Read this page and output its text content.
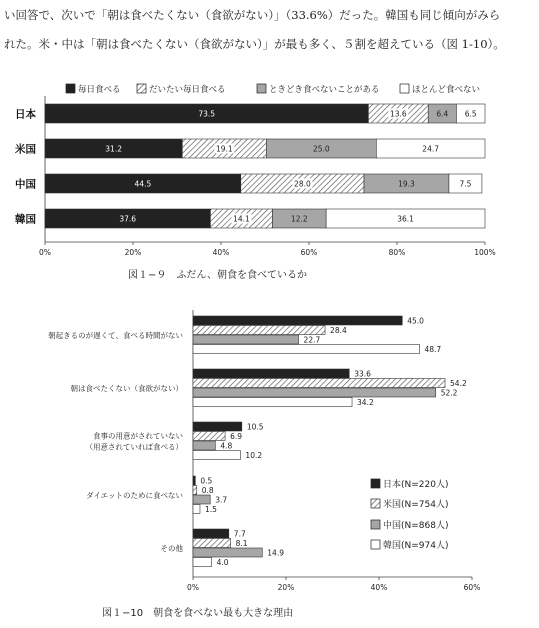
い回答で、次いで「朝は食べたくない（食欲がない）」（33.6%）だった。韓国も同じ傾向がみら
れた。米・中は「朝は食べたくない（食欲がない）」が最も多く、５割を超えている（図 1-10）。
毎日食べる	だいたい毎日食べる	ときどき食べないことがある	ほとんど食べない
0%	20%	40%	60%	80%	100%
日本	73.5	13.6	6.4 6.5
米国	31.2	19.1	25.0	24.7
中国	44.5	28.0	19.3	7.5
韓国	37.6	14.1	12.2	36.1
図１−９　ふだん、朝食を食べているか
0%	20%	40%	60%
朝起きるのが遅くて、食べる時間がない
45.0
28.4
22.7
48.7
朝は食べたくない（食欲がない）
33.6
54.2
52.2
34.2
食事の用意がされていない
（用意されていれば食べる）
10.5
6.9
4.8
10.2
ダイエットのために食べない
0.5
0.8
3.7
1.5
その他
7.7
8.1
14.9
4.0
日本(N=220人)
米国(N=754人)
中国(N=868人)
韓国(N=974人)
図１−10　朝食を食べない最も大きな理由
